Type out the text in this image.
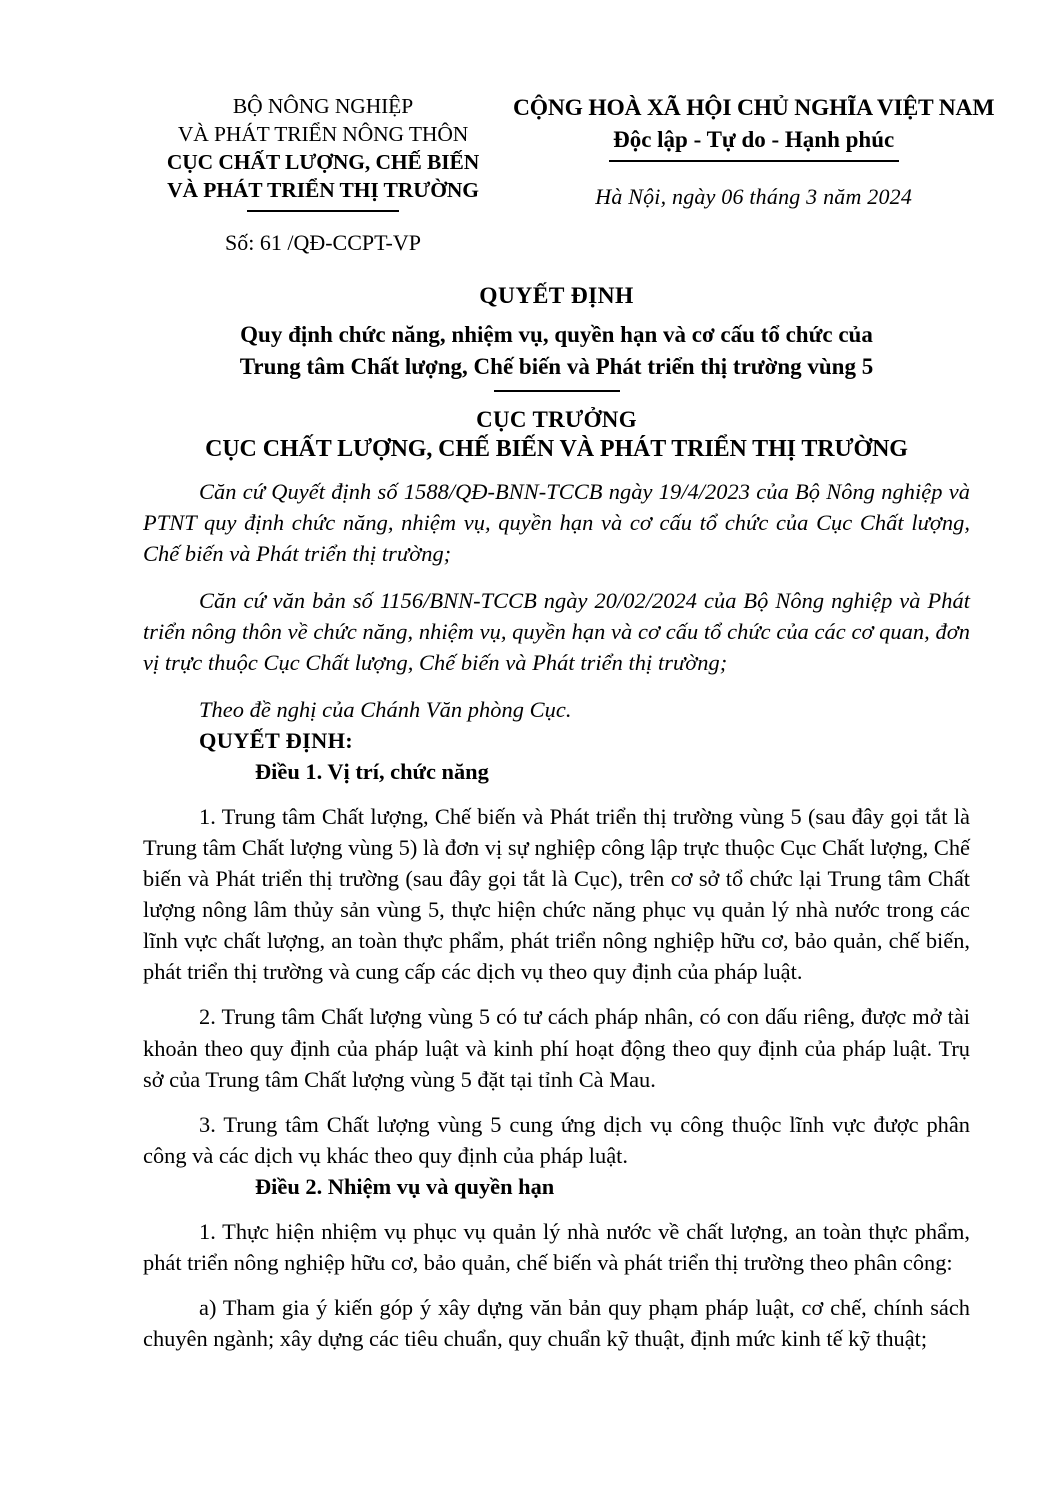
BỘ NÔNG NGHIỆP
VÀ PHÁT TRIỂN NÔNG THÔN
CỤC CHẤT LƯỢNG, CHẾ BIẾN
VÀ PHÁT TRIỂN THỊ TRƯỜNG
Số: 61 /QĐ-CCPT-VP
CỘNG HOÀ XÃ HỘI CHỦ NGHĨA VIỆT NAM
Độc lập - Tự do - Hạnh phúc
Hà Nội, ngày 06 tháng 3 năm 2024
QUYẾT ĐỊNH
Quy định chức năng, nhiệm vụ, quyền hạn và cơ cấu tổ chức của
Trung tâm Chất lượng, Chế biến và Phát triển thị trường vùng 5
CỤC TRƯỞNG
CỤC CHẤT LƯỢNG, CHẾ BIẾN VÀ PHÁT TRIỂN THỊ TRƯỜNG

Căn cứ Quyết định số 1588/QĐ-BNN-TCCB ngày 19/4/2023 của Bộ Nông nghiệp và PTNT quy định chức năng, nhiệm vụ, quyền hạn và cơ cấu tổ chức của Cục Chất lượng, Chế biến và Phát triển thị trường;

Căn cứ văn bản số 1156/BNN-TCCB ngày 20/02/2024 của Bộ Nông nghiệp và Phát triển nông thôn về chức năng, nhiệm vụ, quyền hạn và cơ cấu tổ chức của các cơ quan, đơn vị trực thuộc Cục Chất lượng, Chế biến và Phát triển thị trường;

Theo đề nghị của Chánh Văn phòng Cục.

QUYẾT ĐỊNH:

Điều 1. Vị trí, chức năng

1. Trung tâm Chất lượng, Chế biến và Phát triển thị trường vùng 5 (sau đây gọi tắt là Trung tâm Chất lượng vùng 5) là đơn vị sự nghiệp công lập trực thuộc Cục Chất lượng, Chế biến và Phát triển thị trường (sau đây gọi tắt là Cục), trên cơ sở tổ chức lại Trung tâm Chất lượng nông lâm thủy sản vùng 5, thực hiện chức năng phục vụ quản lý nhà nước trong các lĩnh vực chất lượng, an toàn thực phẩm, phát triển nông nghiệp hữu cơ, bảo quản, chế biến, phát triển thị trường và cung cấp các dịch vụ theo quy định của pháp luật.

2. Trung tâm Chất lượng vùng 5 có tư cách pháp nhân, có con dấu riêng, được mở tài khoản theo quy định của pháp luật và kinh phí hoạt động theo quy định của pháp luật. Trụ sở của Trung tâm Chất lượng vùng 5 đặt tại tỉnh Cà Mau.

3. Trung tâm Chất lượng vùng 5 cung ứng dịch vụ công thuộc lĩnh vực được phân công và các dịch vụ khác theo quy định của pháp luật.

Điều 2. Nhiệm vụ và quyền hạn

1. Thực hiện nhiệm vụ phục vụ quản lý nhà nước về chất lượng, an toàn thực phẩm, phát triển nông nghiệp hữu cơ, bảo quản, chế biến và phát triển thị trường theo phân công:

a) Tham gia ý kiến góp ý xây dựng văn bản quy phạm pháp luật, cơ chế, chính sách chuyên ngành; xây dựng các tiêu chuẩn, quy chuẩn kỹ thuật, định mức kinh tế kỹ thuật;
